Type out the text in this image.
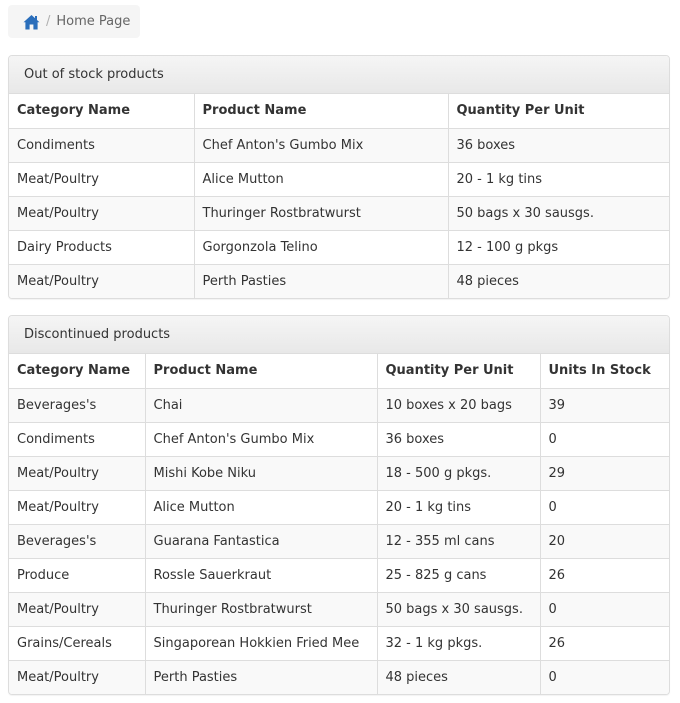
/ Home Page
Out of stock products
Category Name	Product Name	Quantity Per Unit
Condiments	Chef Anton's Gumbo Mix	36 boxes
Meat/Poultry	Alice Mutton	20 - 1 kg tins
Meat/Poultry	Thuringer Rostbratwurst	50 bags x 30 sausgs.
Dairy Products	Gorgonzola Telino	12 - 100 g pkgs
Meat/Poultry	Perth Pasties	48 pieces
Discontinued products
Category Name	Product Name	Quantity Per Unit	Units In Stock
Beverages's	Chai	10 boxes x 20 bags	39
Condiments	Chef Anton's Gumbo Mix	36 boxes	0
Meat/Poultry	Mishi Kobe Niku	18 - 500 g pkgs.	29
Meat/Poultry	Alice Mutton	20 - 1 kg tins	0
Beverages's	Guarana Fantastica	12 - 355 ml cans	20
Produce	Rossle Sauerkraut	25 - 825 g cans	26
Meat/Poultry	Thuringer Rostbratwurst	50 bags x 30 sausgs.	0
Grains/Cereals	Singaporean Hokkien Fried Mee	32 - 1 kg pkgs.	26
Meat/Poultry	Perth Pasties	48 pieces	0
